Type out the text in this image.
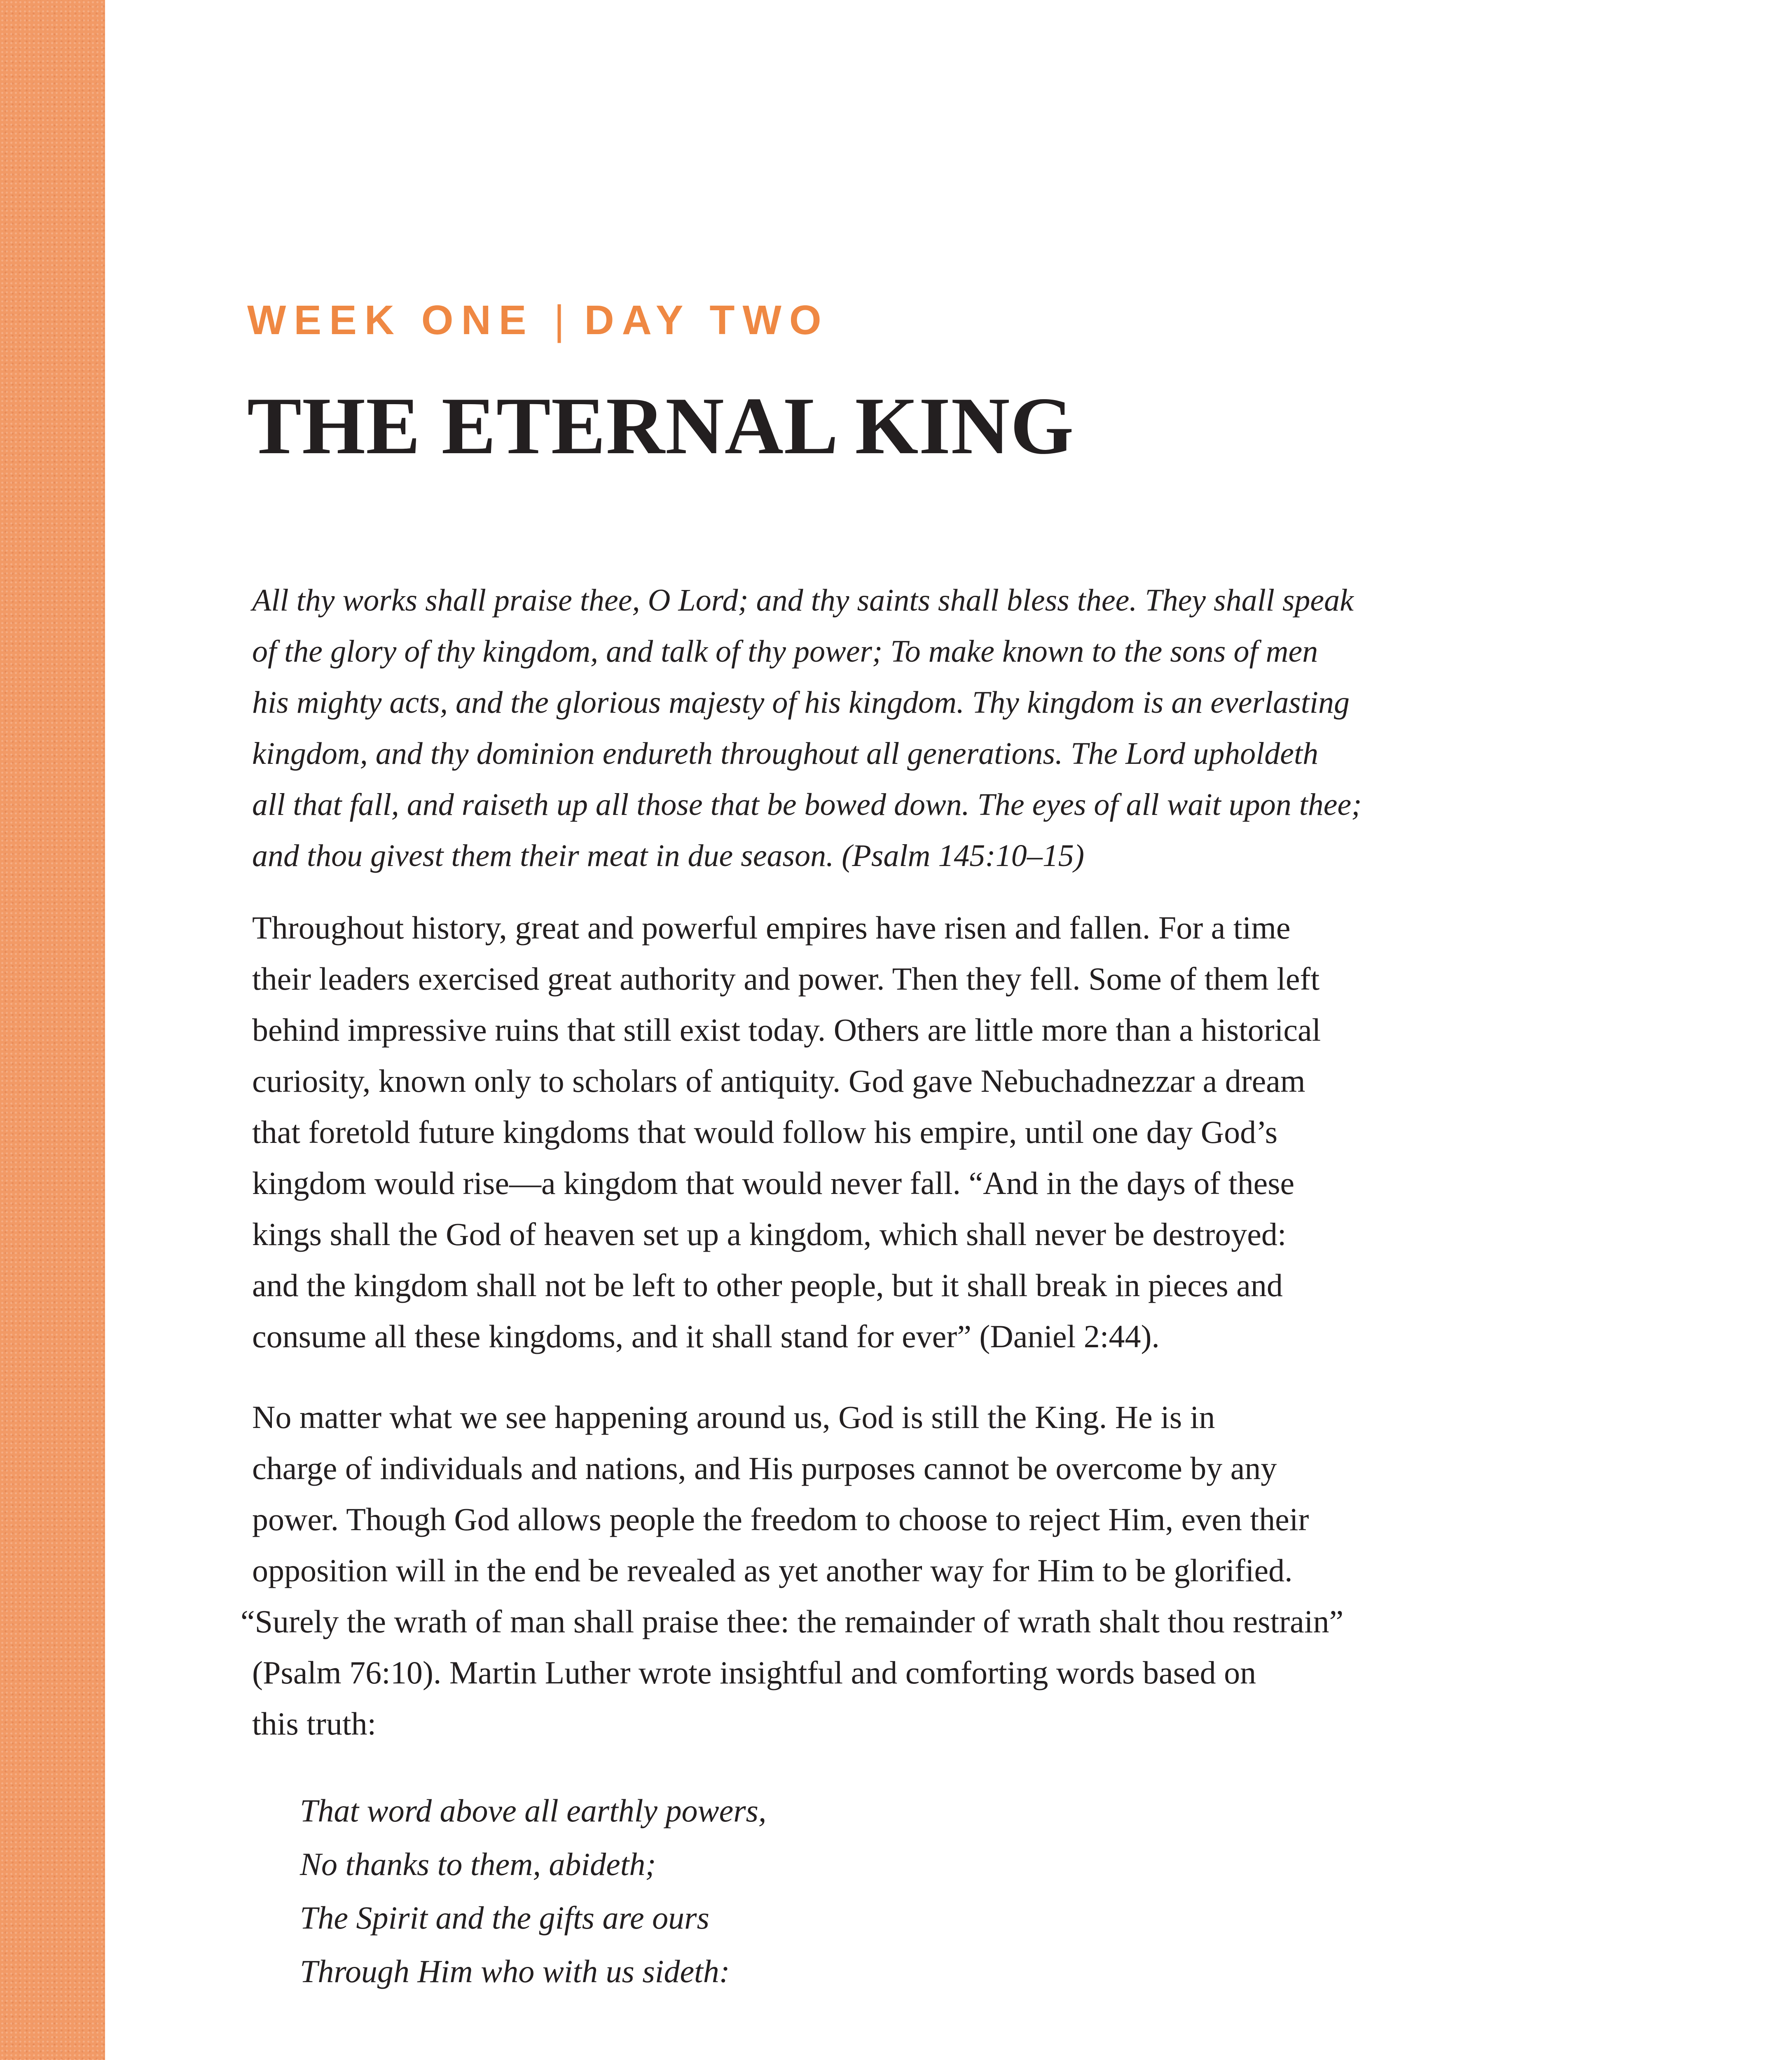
WEEK ONE | DAY TWO
THE ETERNAL KING
All thy works shall praise thee, O Lord; and thy saints shall bless thee. They shall speak
of the glory of thy kingdom, and talk of thy power; To make known to the sons of men
his mighty acts, and the glorious majesty of his kingdom. Thy kingdom is an everlasting
kingdom, and thy dominion endureth throughout all generations. The Lord upholdeth
all that fall, and raiseth up all those that be bowed down. The eyes of all wait upon thee;
and thou givest them their meat in due season. (Psalm 145:10–15)
Throughout history, great and powerful empires have risen and fallen. For a time
their leaders exercised great authority and power. Then they fell. Some of them left
behind impressive ruins that still exist today. Others are little more than a historical
curiosity, known only to scholars of antiquity. God gave Nebuchadnezzar a dream
that foretold future kingdoms that would follow his empire, until one day God’s
kingdom would rise—a kingdom that would never fall. “And in the days of these
kings shall the God of heaven set up a kingdom, which shall never be destroyed:
and the kingdom shall not be left to other people, but it shall break in pieces and
consume all these kingdoms, and it shall stand for ever” (Daniel 2:44).
No matter what we see happening around us, God is still the King. He is in
charge of individuals and nations, and His purposes cannot be overcome by any
power. Though God allows people the freedom to choose to reject Him, even their
opposition will in the end be revealed as yet another way for Him to be glorified.
“Surely the wrath of man shall praise thee: the remainder of wrath shalt thou restrain”
(Psalm 76:10). Martin Luther wrote insightful and comforting words based on
this truth:
That word above all earthly powers,
No thanks to them, abideth;
The Spirit and the gifts are ours
Through Him who with us sideth:
